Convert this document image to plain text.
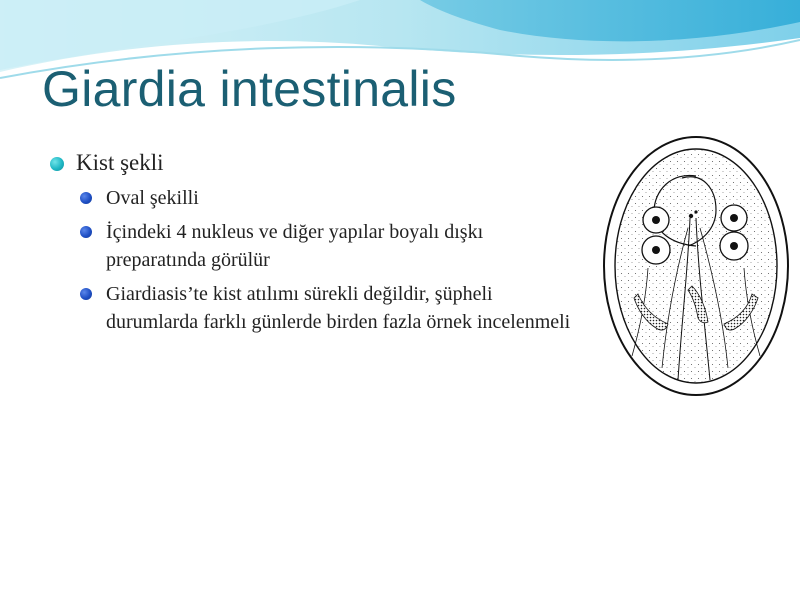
Giardia intestinalis
Kist şekli
Oval şekilli
İçindeki 4 nukleus ve diğer yapılar boyalı dışkı preparatında görülür
Giardiasis’te kist atılımı sürekli değildir, şüpheli durumlarda farklı günlerde birden fazla örnek incelenmeli
